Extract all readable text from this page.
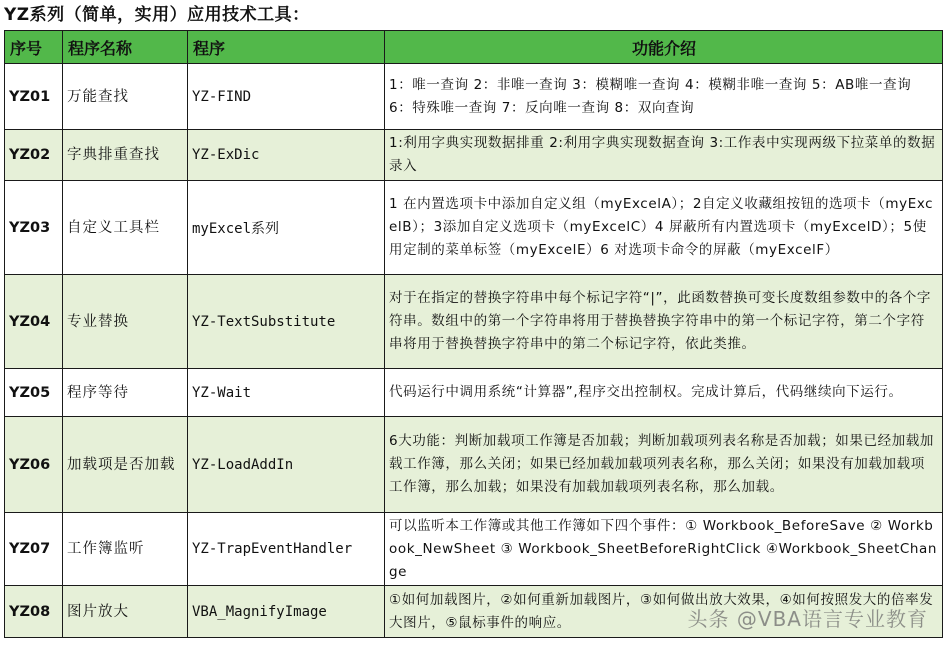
YZ系列（简单，实用）应用技术工具：
序号	程序名称	程序	功能介绍
YZ01	万能查找	YZ-FIND	1：唯一查询 2：非唯一查询 3：模糊唯一查询 4：模糊非唯一查询 5：AB唯一查询 6：特殊唯一查询 7：反向唯一查询 8：双向查询
YZ02	字典排重查找	YZ-ExDic	1:利用字典实现数据排重 2:利用字典实现数据查询 3:工作表中实现两级下拉菜单的数据录入
YZ03	自定义工具栏	myExcel系列	1 在内置选项卡中添加自定义组（myExcelA）；2自定义收藏组按钮的选项卡（myExcelB）；3添加自定义选项卡（myExcelC）4 屏蔽所有内置选项卡（myExcelD）；5使用定制的菜单标签（myExcelE）6 对选项卡命令的屏蔽（myExcelF）
YZ04	专业替换	YZ-TextSubstitute	对于在指定的替换字符串中每个标记字符“|”，此函数替换可变长度数组参数中的各个字符串。数组中的第一个字符串将用于替换替换字符串中的第一个标记字符，第二个字符串将用于替换替换字符串中的第二个标记字符，依此类推。
YZ05	程序等待	YZ-Wait	代码运行中调用系统“计算器”,程序交出控制权。完成计算后，代码继续向下运行。
YZ06	加载项是否加载	YZ-LoadAddIn	6大功能：判断加载项工作簿是否加载；判断加载项列表名称是否加载；如果已经加载加载工作簿，那么关闭；如果已经加载加载项列表名称，那么关闭；如果没有加载加载项工作簿，那么加载；如果没有加载加载项列表名称，那么加载。
YZ07	工作簿监听	YZ-TrapEventHandler	可以监听本工作簿或其他工作簿如下四个事件：① Workbook_BeforeSave ② Workbook_NewSheet ③ Workbook_SheetBeforeRightClick ④Workbook_SheetChange
YZ08	图片放大	VBA_MagnifyImage	①如何加载图片，②如何重新加载图片，③如何做出放大效果，④如何按照发大的倍率发大图片，⑤鼠标事件的响应。	头条 @VBA语言专业教育
